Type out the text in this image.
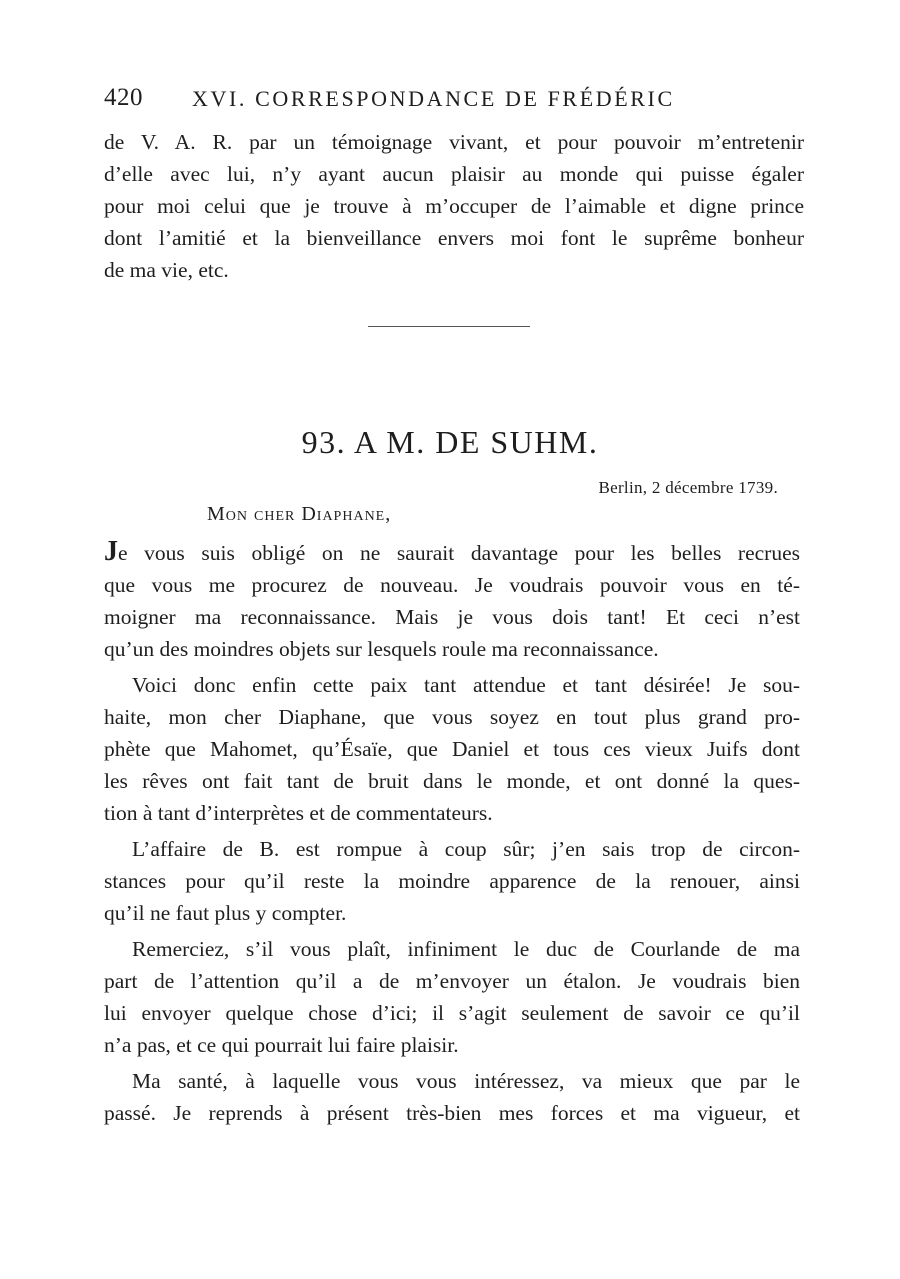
420 XVI. CORRESPONDANCE DE FRÉDÉRIC
de V. A. R. par un témoignage vivant, et pour pouvoir m’entretenir
d’elle avec lui, n’y ayant aucun plaisir au monde qui puisse égaler
pour moi celui que je trouve à m’occuper de l’aimable et digne prince
dont l’amitié et la bienveillance envers moi font le suprême bonheur
de ma vie, etc.
93. A M. DE SUHM.
Berlin, 2 décembre 1739.
Mon cher Diaphane,
Je vous suis obligé on ne saurait davantage pour les belles recrues
que vous me procurez de nouveau. Je voudrais pouvoir vous en té-
moigner ma reconnaissance. Mais je vous dois tant! Et ceci n’est
qu’un des moindres objets sur lesquels roule ma reconnaissance.
Voici donc enfin cette paix tant attendue et tant désirée! Je sou-
haite, mon cher Diaphane, que vous soyez en tout plus grand pro-
phète que Mahomet, qu’Ésaïe, que Daniel et tous ces vieux Juifs dont
les rêves ont fait tant de bruit dans le monde, et ont donné la ques-
tion à tant d’interprètes et de commentateurs.
L’affaire de B. est rompue à coup sûr; j’en sais trop de circon-
stances pour qu’il reste la moindre apparence de la renouer, ainsi
qu’il ne faut plus y compter.
Remerciez, s’il vous plaît, infiniment le duc de Courlande de ma
part de l’attention qu’il a de m’envoyer un étalon. Je voudrais bien
lui envoyer quelque chose d’ici; il s’agit seulement de savoir ce qu’il
n’a pas, et ce qui pourrait lui faire plaisir.
Ma santé, à laquelle vous vous intéressez, va mieux que par le
passé. Je reprends à présent très-bien mes forces et ma vigueur, et
